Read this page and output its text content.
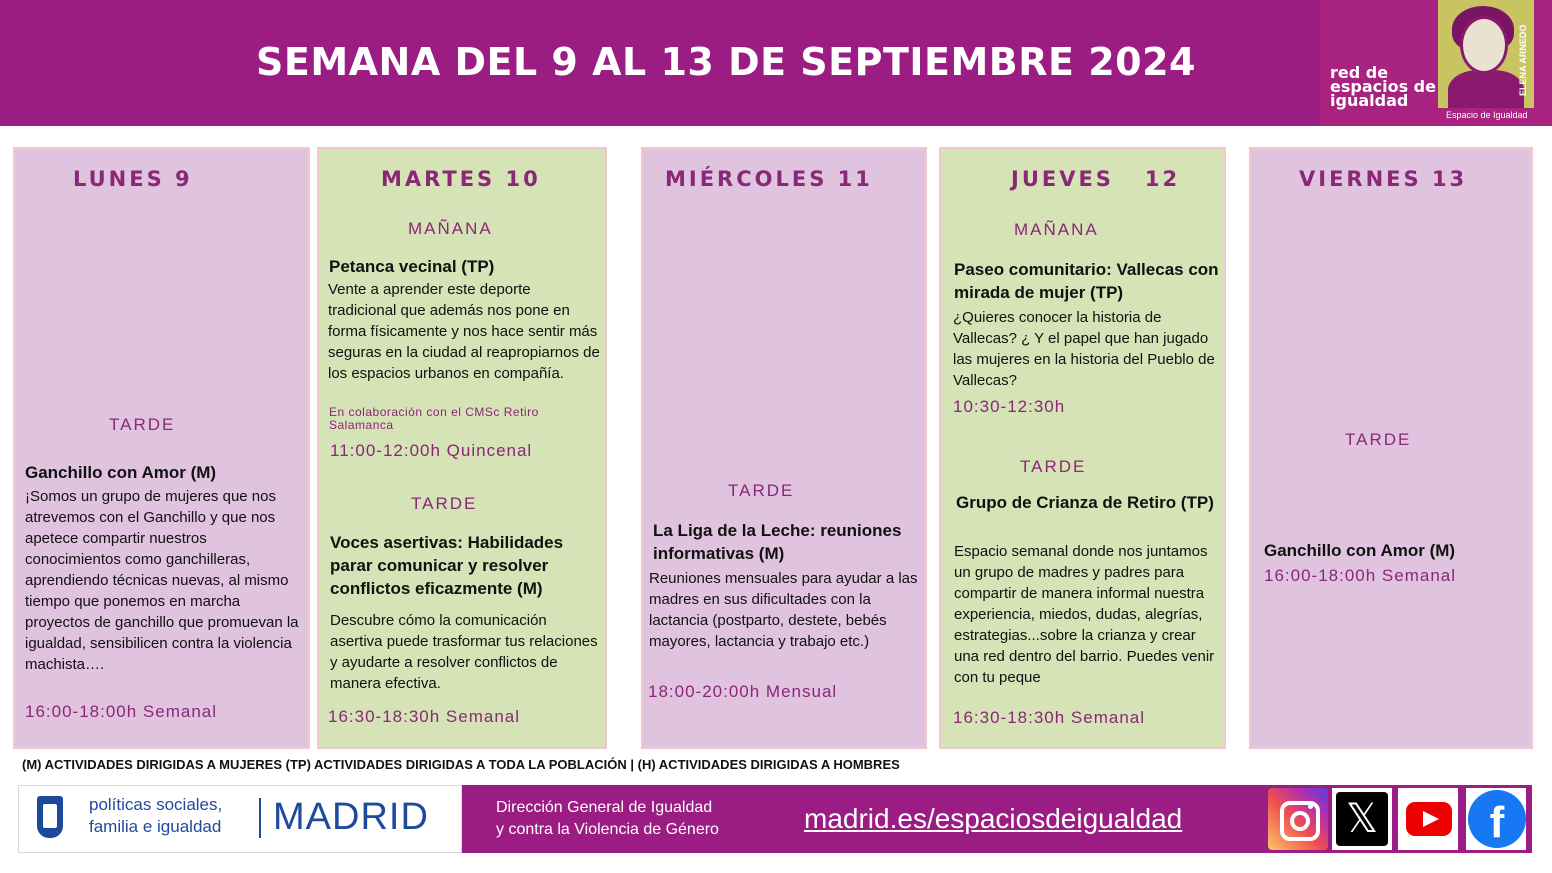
SEMANA DEL 9 AL 13 DE SEPTIEMBRE 2024	red de
espacios de
igualdad
Espacio de Igualdad
ELENA ARNEDO
LUNES 9
TARDE
Ganchillo con Amor (M)
¡Somos un grupo de mujeres que nos atrevemos con el Ganchillo y que nos apetece compartir nuestros conocimientos como ganchilleras, aprendiendo técnicas nuevas, al mismo tiempo que ponemos en marcha proyectos de ganchillo que promuevan la igualdad, sensibilicen contra la violencia machista….
16:00-18:00h Semanal
MARTES 10
MAÑANA
Petanca vecinal (TP)
Vente a aprender este deporte tradicional que además nos pone en forma físicamente y nos hace sentir más seguras en la ciudad al reapropiarnos de los espacios urbanos en compañía.
En colaboración con el CMSc Retiro Salamanca
11:00-12:00h Quincenal
TARDE
Voces asertivas: Habilidades parar comunicar y resolver conflictos eficazmente (M)
Descubre cómo la comunicación asertiva puede trasformar tus relaciones y ayudarte a resolver conflictos de manera efectiva.
16:30-18:30h Semanal
MIÉRCOLES 11
TARDE
La Liga de la Leche: reuniones informativas (M)
Reuniones mensuales para ayudar a las madres en sus dificultades con la lactancia (postparto, destete, bebés mayores, lactancia y trabajo etc.)
18:00-20:00h Mensual
JUEVES   12
MAÑANA
Paseo comunitario: Vallecas con mirada de mujer (TP)
¿Quieres conocer la historia de Vallecas? ¿ Y el papel que han jugado las mujeres en la historia del Pueblo de Vallecas?
10:30-12:30h
TARDE
Grupo de Crianza de Retiro (TP)
Espacio semanal donde nos juntamos un grupo de madres y padres para compartir de manera informal nuestra experiencia, miedos, dudas, alegrías, estrategias...sobre la crianza y crear una red dentro del barrio. Puedes venir con tu peque
16:30-18:30h Semanal
VIERNES 13
TARDE
Ganchillo con Amor (M)
16:00-18:00h Semanal
(M) ACTIVIDADES DIRIGIDAS A MUJERES (TP) ACTIVIDADES DIRIGIDAS A TODA LA POBLACIÓN | (H) ACTIVIDADES DIRIGIDAS A HOMBRES
políticas sociales,
familia e igualdad MADRID	Dirección General de Igualdad
y contra la Violencia de Género	madrid.es/espaciosdeigualdad	𝕏	f
